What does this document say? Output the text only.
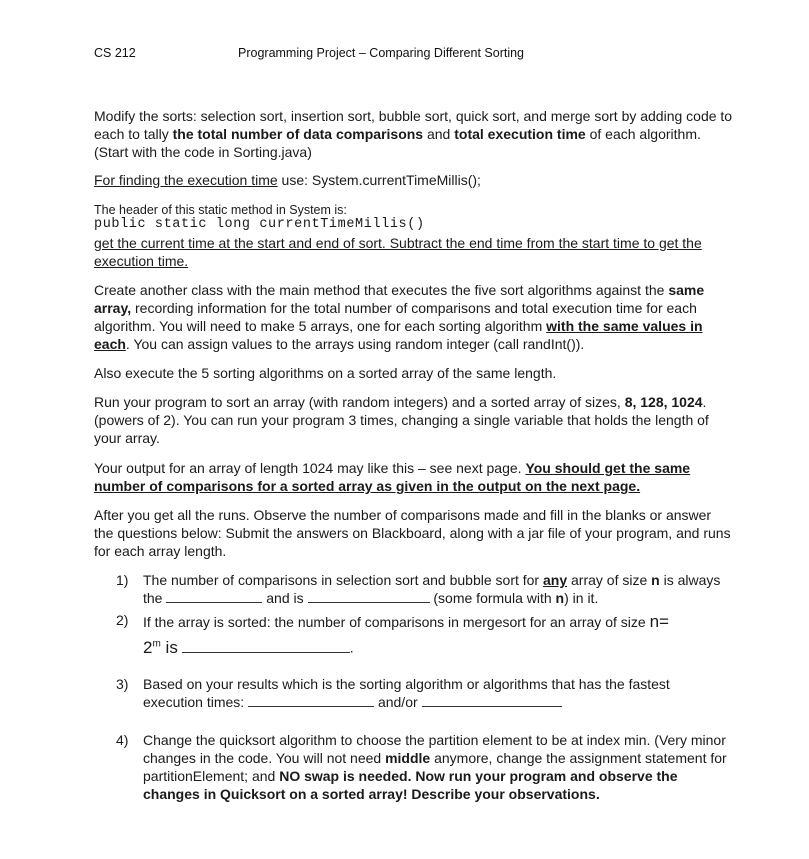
CS 212	Programming Project – Comparing Different Sorting

Modify the sorts: selection sort, insertion sort, bubble sort, quick sort, and merge sort by adding code to each to tally the total number of data comparisons and total execution time of each algorithm. (Start with the code in Sorting.java)

For finding the execution time use: System.currentTimeMillis();

The header of this static method in System is:
public static long currentTimeMillis()

get the current time at the start and end of sort. Subtract the end time from the start time to get the execution time.

Create another class with the main method that executes the five sort algorithms against the same array, recording information for the total number of comparisons and total execution time for each algorithm. You will need to make 5 arrays, one for each sorting algorithm with the same values in each. You can assign values to the arrays using random integer (call randInt()).

Also execute the 5 sorting algorithms on a sorted array of the same length.

Run your program to sort an array (with random integers) and a sorted array of sizes, 8, 128, 1024. (powers of 2). You can run your program 3 times, changing a single variable that holds the length of your array.

Your output for an array of length 1024 may like this – see next page. You should get the same number of comparisons for a sorted array as given in the output on the next page.

After you get all the runs. Observe the number of comparisons made and fill in the blanks or answer the questions below: Submit the answers on Blackboard, along with a jar file of your program, and runs for each array length.

1) The number of comparisons in selection sort and bubble sort for any array of size n is always the	and is	(some formula with n) in it.
2) If the array is sorted: the number of comparisons in mergesort for an array of size n=
$2^m$ is	.
3) Based on your results which is the sorting algorithm or algorithms that has the fastest execution times:	and/or
4) Change the quicksort algorithm to choose the partition element to be at index min. (Very minor changes in the code. You will not need middle anymore, change the assignment statement for partitionElement; and NO swap is needed. Now run your program and observe the changes in Quicksort on a sorted array! Describe your observations.
